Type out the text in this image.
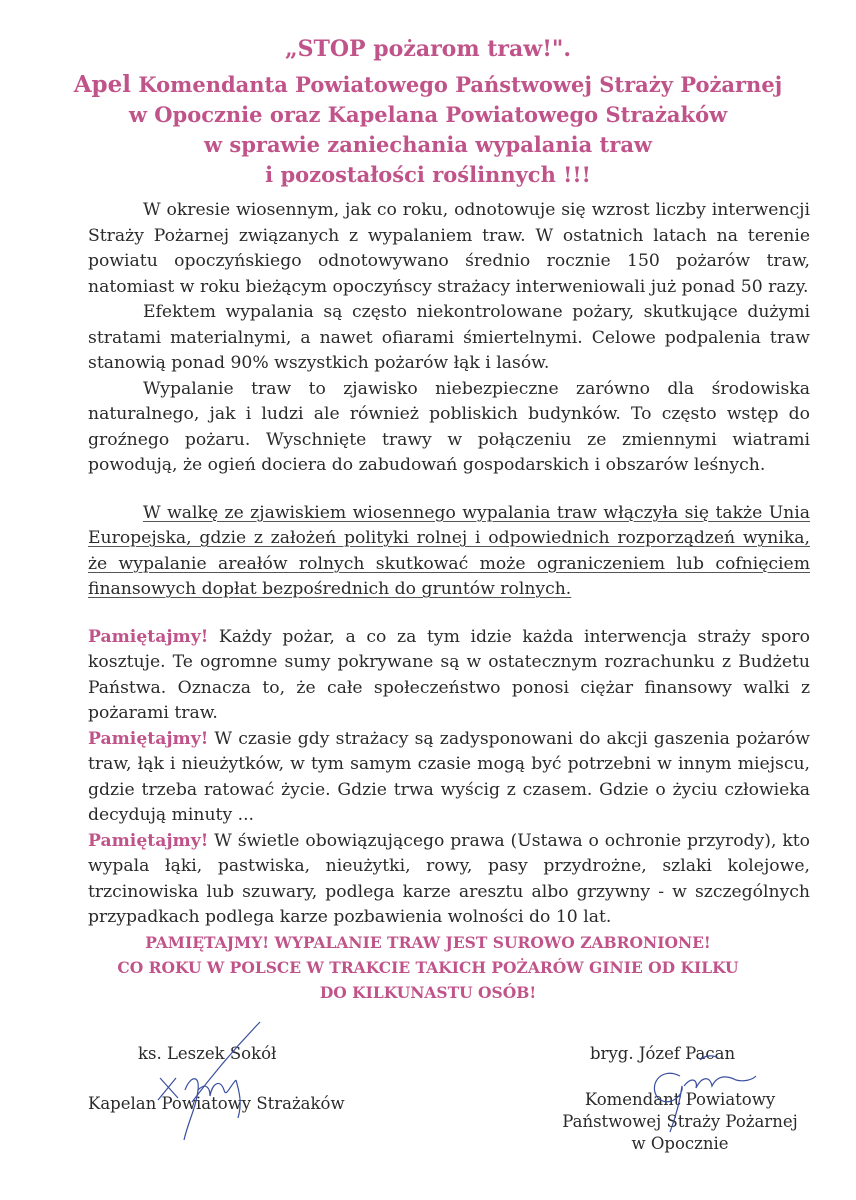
„STOP pożarom traw!".
Apel Komendanta Powiatowego Państwowej Straży Pożarnej
w Opocznie oraz Kapelana Powiatowego Strażaków
w sprawie zaniechania wypalania traw
i pozostałości roślinnych !!!

W okresie wiosennym, jak co roku, odnotowuje się wzrost liczby interwencji Straży Pożarnej związanych z wypalaniem traw. W ostatnich latach na terenie powiatu opoczyńskiego odnotowywano średnio rocznie 150 pożarów traw, natomiast w roku bieżącym opoczyńscy strażacy interweniowali już ponad 50 razy.

Efektem wypalania są często niekontrolowane pożary, skutkujące dużymi stratami materialnymi, a nawet ofiarami śmiertelnymi. Celowe podpalenia traw stanowią ponad 90% wszystkich pożarów łąk i lasów.

Wypalanie traw to zjawisko niebezpieczne zarówno dla środowiska naturalnego, jak i ludzi ale również pobliskich budynków. To często wstęp do groźnego pożaru. Wyschnięte trawy w połączeniu ze zmiennymi wiatrami powodują, że ogień dociera do zabudowań gospodarskich i obszarów leśnych.

W walkę ze zjawiskiem wiosennego wypalania traw włączyła się także Unia Europejska, gdzie z założeń polityki rolnej i odpowiednich rozporządzeń wynika, że wypalanie areałów rolnych skutkować może ograniczeniem lub cofnięciem finansowych dopłat bezpośrednich do gruntów rolnych.

Pamiętajmy! Każdy pożar, a co za tym idzie każda interwencja straży sporo kosztuje. Te ogromne sumy pokrywane są w ostatecznym rozrachunku z Budżetu Państwa. Oznacza to, że całe społeczeństwo ponosi ciężar finansowy walki z pożarami traw.

Pamiętajmy! W czasie gdy strażacy są zadysponowani do akcji gaszenia pożarów traw, łąk i nieużytków, w tym samym czasie mogą być potrzebni w innym miejscu, gdzie trzeba ratować życie. Gdzie trwa wyścig z czasem. Gdzie o życiu człowieka decydują minuty ...

Pamiętajmy! W świetle obowiązującego prawa (Ustawa o ochronie przyrody), kto wypala łąki, pastwiska, nieużytki, rowy, pasy przydrożne, szlaki kolejowe, trzcinowiska lub szuwary, podlega karze aresztu albo grzywny - w szczególnych przypadkach podlega karze pozbawienia wolności do 10 lat.

PAMIĘTAJMY! WYPALANIE TRAW JEST SUROWO ZABRONIONE!
CO ROKU W POLSCE W TRAKCIE TAKICH POŻARÓW GINIE OD KILKU
DO KILKUNASTU OSÓB!
ks. Leszek Sokół
Kapelan Powiatowy Strażaków
bryg. Józef Pacan
Komendant Powiatowy
Państwowej Straży Pożarnej
w Opocznie
